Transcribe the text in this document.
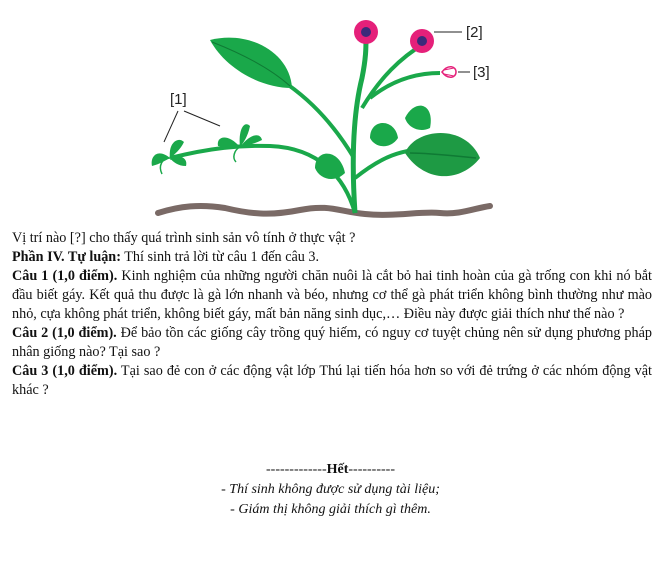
[1]
[2]
[3]

Vị trí nào [?] cho thấy quá trình sinh sản vô tính ở thực vật ?

Phần IV. Tự luận: Thí sinh trả lời từ câu 1 đến câu 3.

Câu 1 (1,0 điểm). Kinh nghiệm của những người chăn nuôi là cắt bỏ hai tinh hoàn của gà trống con khi nó bắt đầu biết gáy. Kết quả thu được là gà lớn nhanh và béo, nhưng cơ thể gà phát triển không bình thường như mào nhỏ, cựa không phát triển, không biết gáy, mất bản năng sinh dục,… Điều này được giải thích như thế nào ?

Câu 2 (1,0 điểm). Để bảo tồn các giống cây trồng quý hiếm, có nguy cơ tuyệt chủng nên sử dụng phương pháp nhân giống nào? Tại sao ?

Câu 3 (1,0 điểm). Tại sao đẻ con ở các động vật lớp Thú lại tiến hóa hơn so với đẻ trứng ở các nhóm động vật khác ?

-------------Hết----------
- Thí sinh không được sử dụng tài liệu;
- Giám thị không giải thích gì thêm.
